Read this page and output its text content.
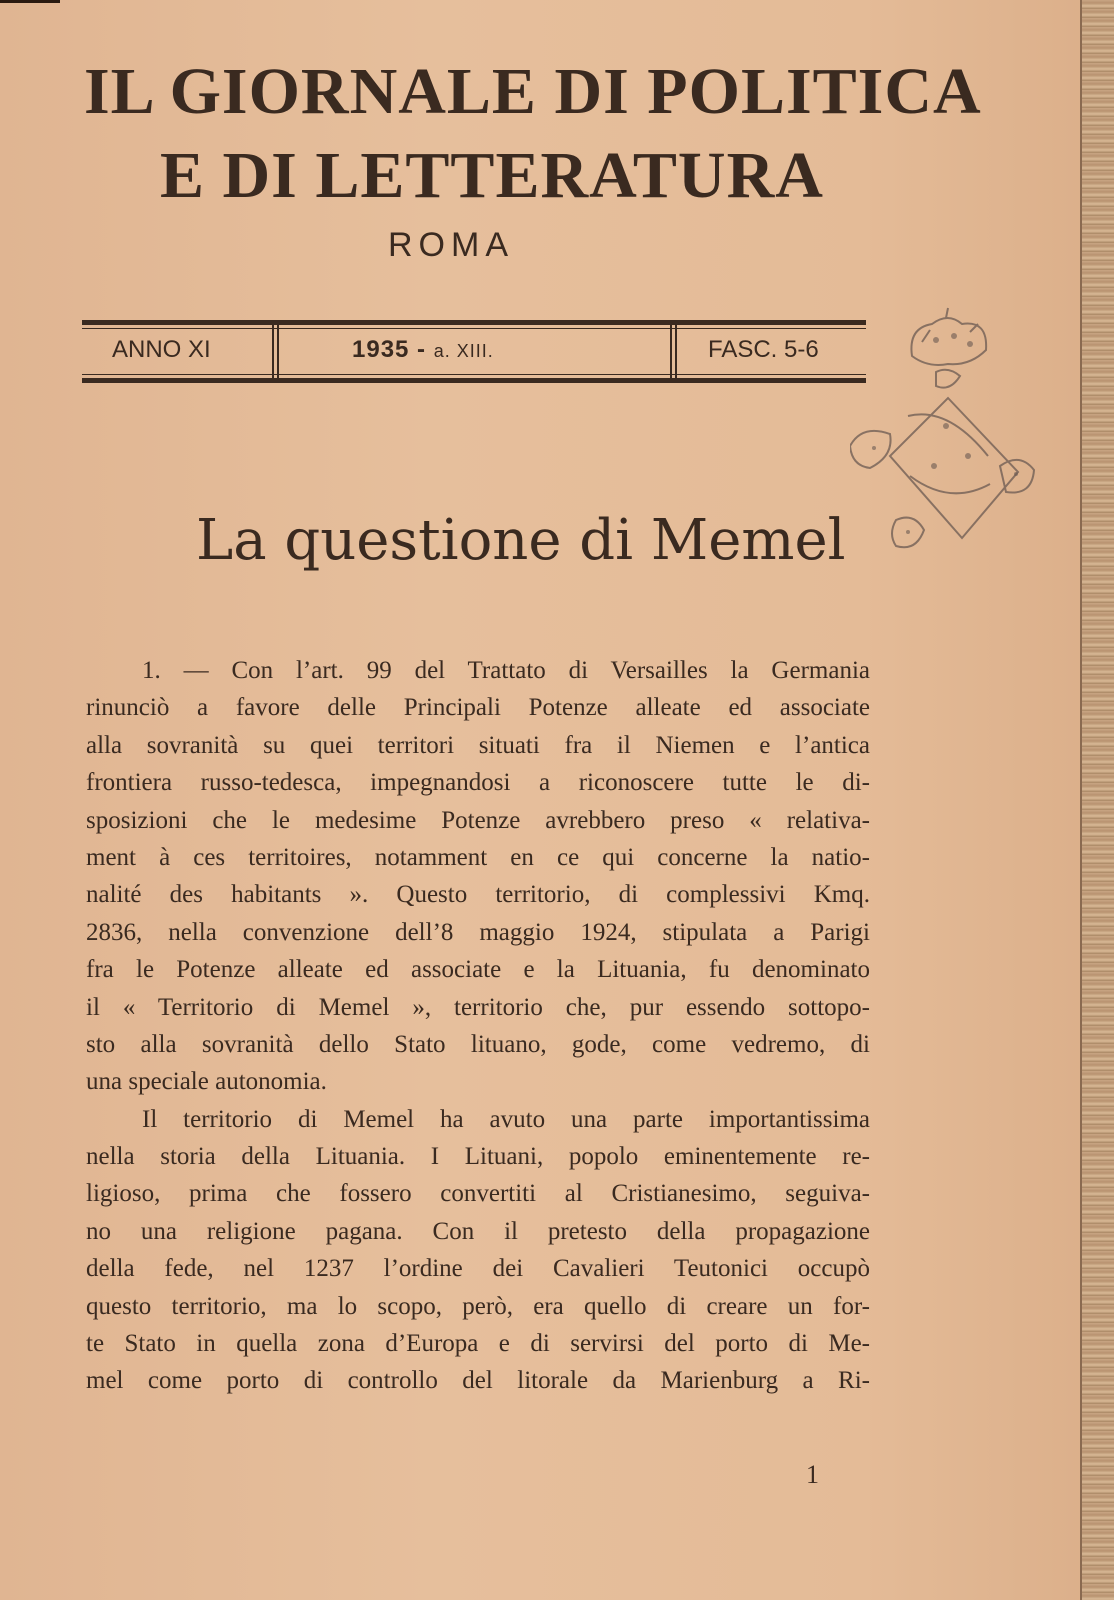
IL GIORNALE DI POLITICA
E DI LETTERATURA
ROMA
ANNO XI	1935 - a. XIII.	FASC. 5-6
La questione di Memel
1. — Con l’art. 99 del Trattato di Versailles la Germania
rinunciò a favore delle Principali Potenze alleate ed associate
alla sovranità su quei territori situati fra il Niemen e l’antica
frontiera russo-tedesca, impegnandosi a riconoscere tutte le di-
sposizioni che le medesime Potenze avrebbero preso « relativa-
ment à ces territoires, notamment en ce qui concerne la natio-
nalité des habitants ». Questo territorio, di complessivi Kmq.
2836, nella convenzione dell’8 maggio 1924, stipulata a Parigi
fra le Potenze alleate ed associate e la Lituania, fu denominato
il « Territorio di Memel », territorio che, pur essendo sottopo-
sto alla sovranità dello Stato lituano, gode, come vedremo, di
una speciale autonomia.
Il territorio di Memel ha avuto una parte importantissima
nella storia della Lituania. I Lituani, popolo eminentemente re-
ligioso, prima che fossero convertiti al Cristianesimo, seguiva-
no una religione pagana. Con il pretesto della propagazione
della fede, nel 1237 l’ordine dei Cavalieri Teutonici occupò
questo territorio, ma lo scopo, però, era quello di creare un for-
te Stato in quella zona d’Europa e di servirsi del porto di Me-
mel come porto di controllo del litorale da Marienburg a Ri-
1
